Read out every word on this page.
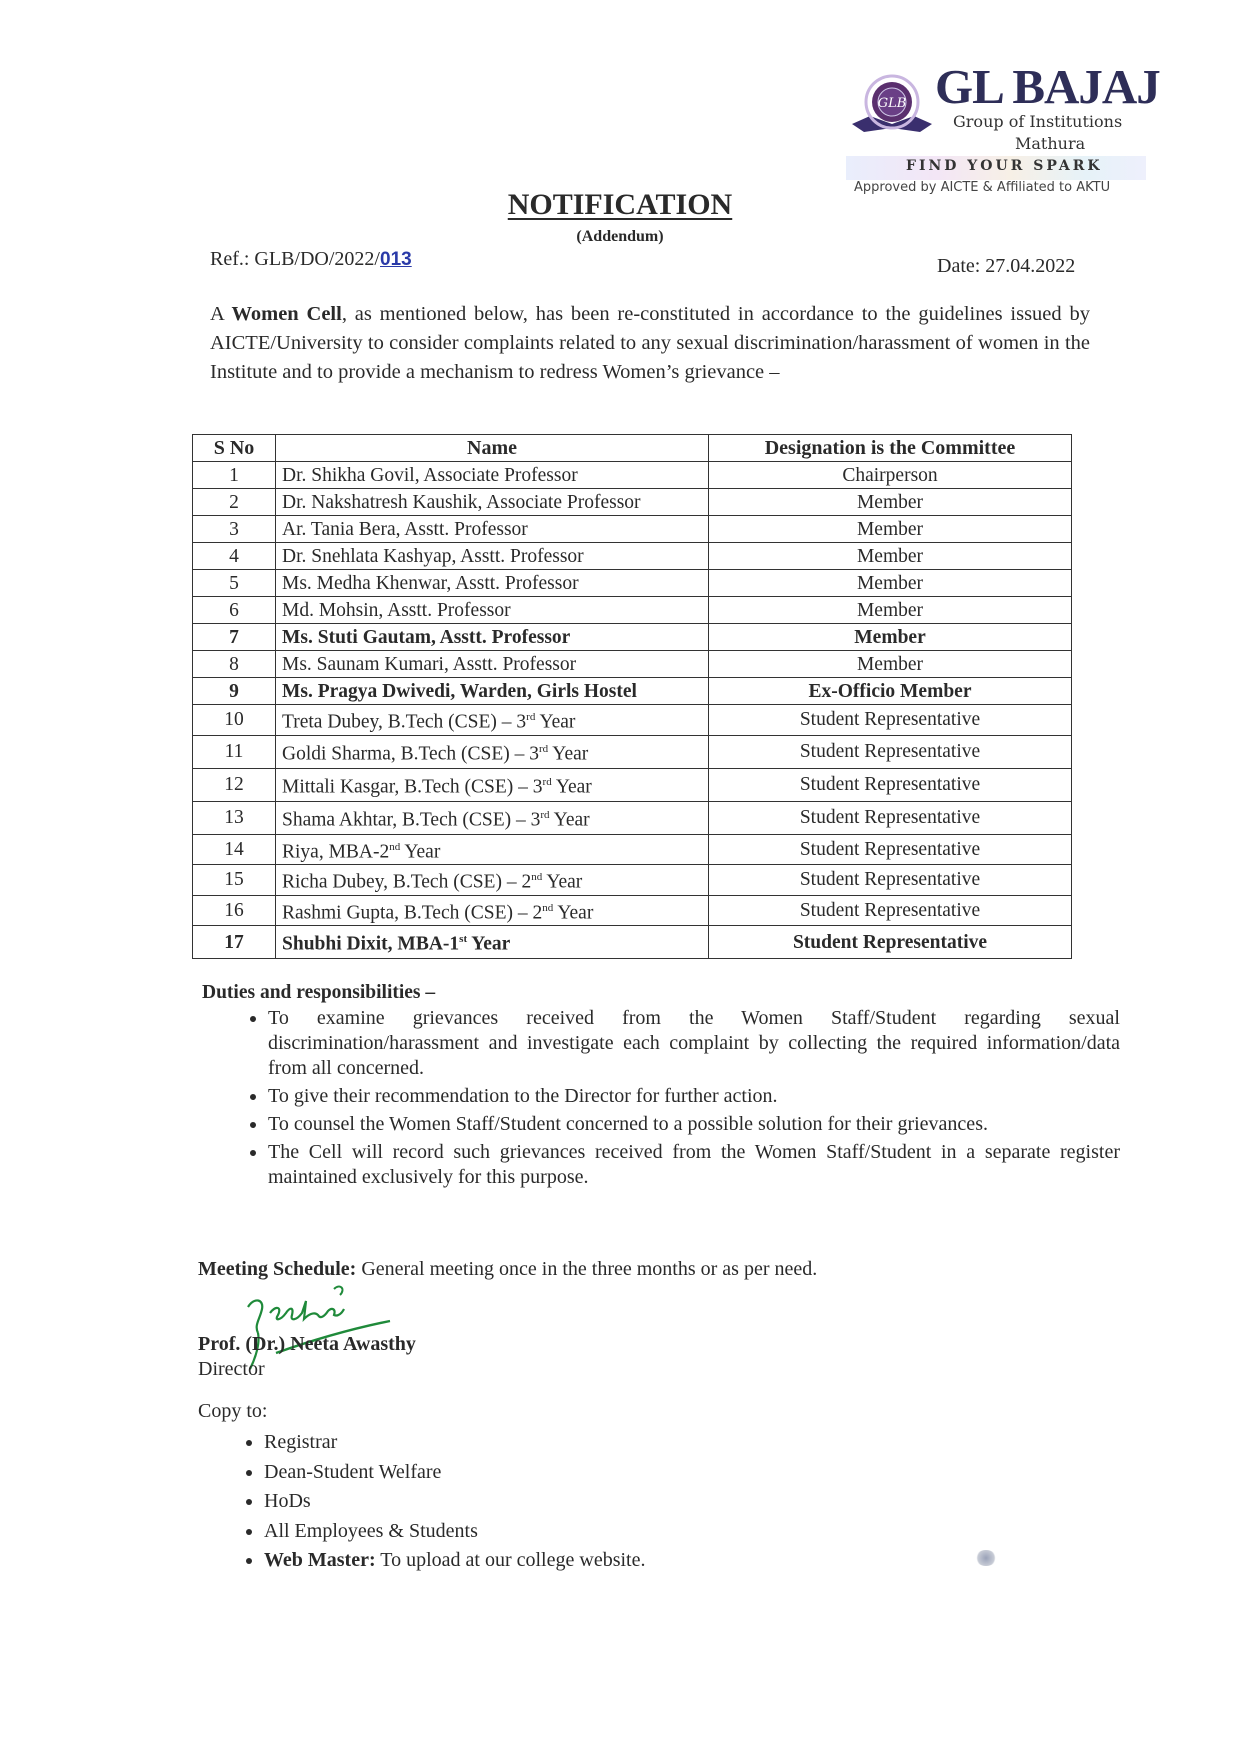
GLB GL BAJAJ
Group of Institutions
Mathura
FIND YOUR SPARK
Approved by AICTE & Affiliated to AKTU
NOTIFICATION
(Addendum)
Ref.: GLB/DO/2022/013	Date: 27.04.2022

A Women Cell, as mentioned below, has been re-constituted in accordance to the guidelines issued by AICTE/University to consider complaints related to any sexual discrimination/harassment of women in the Institute and to provide a mechanism to redress Women’s grievance –

S No	Name	Designation is the Committee
1	Dr. Shikha Govil, Associate Professor	Chairperson
2	Dr. Nakshatresh Kaushik, Associate Professor	Member
3	Ar. Tania Bera, Asstt. Professor	Member
4	Dr. Snehlata Kashyap, Asstt. Professor	Member
5	Ms. Medha Khenwar, Asstt. Professor	Member
6	Md. Mohsin, Asstt. Professor	Member
7	Ms. Stuti Gautam, Asstt. Professor	Member
8	Ms. Saunam Kumari, Asstt. Professor	Member
9	Ms. Pragya Dwivedi, Warden, Girls Hostel	Ex-Officio Member
10	Treta Dubey, B.Tech (CSE) – 3rd Year	Student Representative
11	Goldi Sharma, B.Tech (CSE) – 3rd Year	Student Representative
12	Mittali Kasgar, B.Tech (CSE) – 3rd Year	Student Representative
13	Shama Akhtar, B.Tech (CSE) – 3rd Year	Student Representative
14	Riya, MBA-2nd Year	Student Representative
15	Richa Dubey, B.Tech (CSE) – 2nd Year	Student Representative
16	Rashmi Gupta, B.Tech (CSE) – 2nd Year	Student Representative
17	Shubhi Dixit, MBA-1st Year	Student Representative
Duties and responsibilities –
• To examine grievances received from the Women Staff/Student regarding sexual discrimination/harassment and investigate each complaint by collecting the required information/data from all concerned.
• To give their recommendation to the Director for further action.
• To counsel the Women Staff/Student concerned to a possible solution for their grievances.
• The Cell will record such grievances received from the Women Staff/Student in a separate register maintained exclusively for this purpose.
Meeting Schedule: General meeting once in the three months or as per need.
Prof. (Dr.) Neeta Awasthy
Director
Copy to:
• Registrar
• Dean-Student Welfare
• HoDs
• All Employees & Students
• Web Master: To upload at our college website.
